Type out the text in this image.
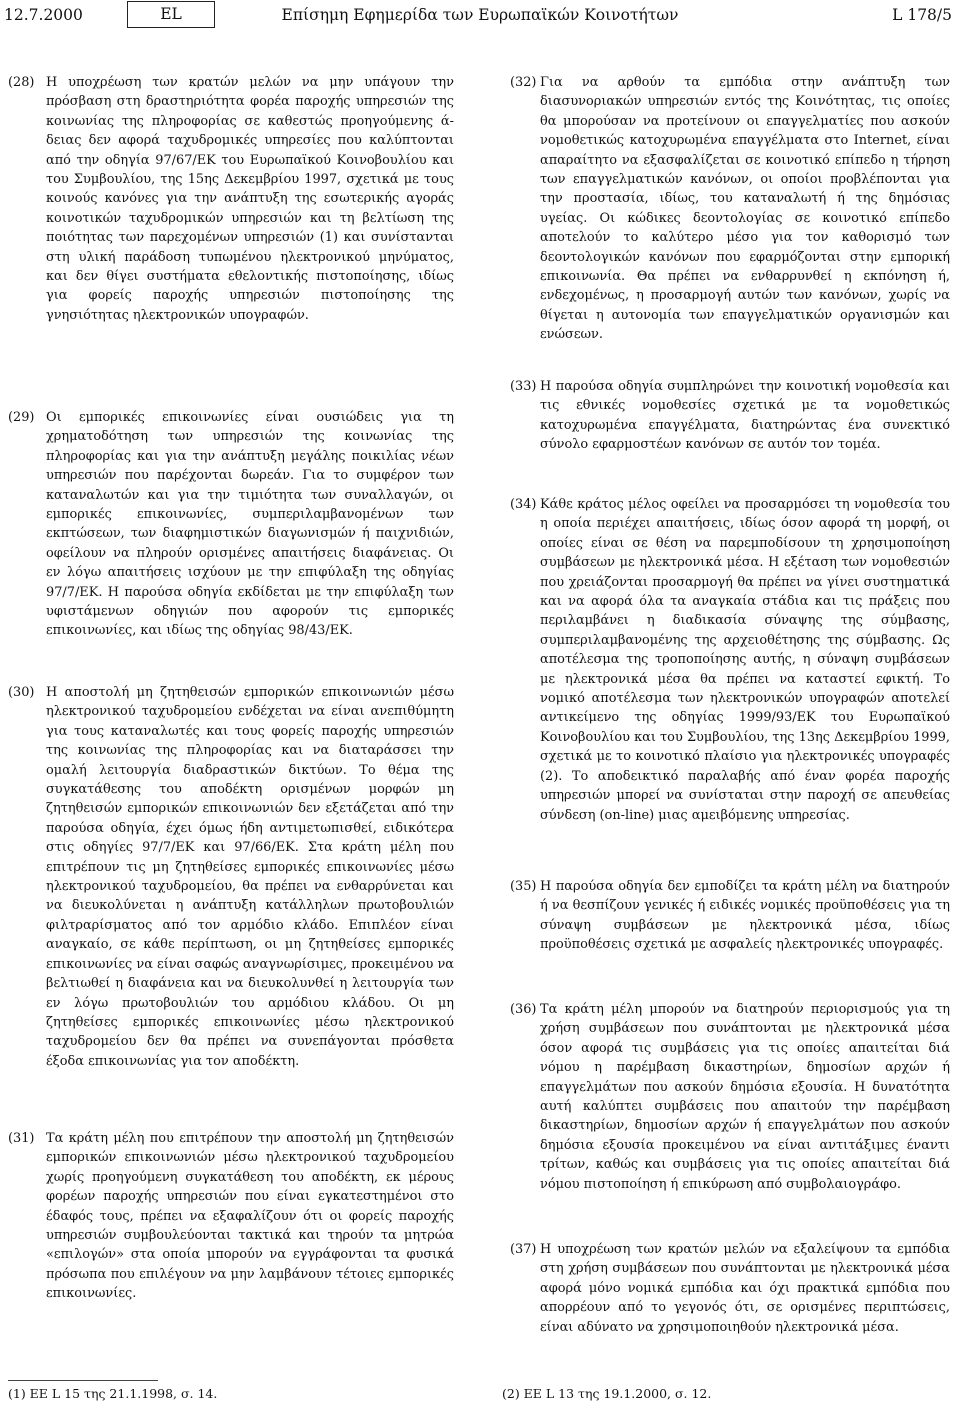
12.7.2000	EL	Επίσημη Εφημερίδα των Ευρωπαϊκών Κοινοτήτων	L 178/5
(28) Η υποχρέωση των κρατών μελών να μην υπάγουν την πρόσβαση στη δραστηριότητα φορέα παροχής υπηρεσιών της κοινωνίας της πληροφορίας σε καθεστώς προηγούμενης ά-δειας δεν αφορά ταχυδρομικές υπηρεσίες που καλύπτονται από την οδηγία 97/67/ΕΚ του Ευρωπαϊκού Κοινοβουλίου και του Συμβουλίου, της 15ης Δεκεμβρίου 1997, σχετικά με τους κοινούς κανόνες για την ανάπτυξη της εσωτερικής αγοράς κοινοτικών ταχυδρομικών υπηρεσιών και τη βελτίωση της ποιότητας των παρεχομένων υπηρεσιών (1) και συνίστανται στη υλική παράδοση τυπωμένου ηλεκτρονικού μηνύματος, και δεν θίγει συστήματα εθελοντικής πιστοποίησης, ιδίως για φορείς παροχής υπηρεσιών πιστοποίησης της γνησιότητας ηλεκτρονικών υπογραφών.
(29) Οι εμπορικές επικοινωνίες είναι ουσιώδεις για τη χρηματοδότηση των υπηρεσιών της κοινωνίας της πληροφορίας και για την ανάπτυξη μεγάλης ποικιλίας νέων υπηρεσιών που παρέχονται δωρεάν. Για το συμφέρον των καταναλωτών και για την τιμιότητα των συναλλαγών, οι εμπορικές επικοινωνίες, συμπεριλαμβανομένων των εκπτώσεων, των διαφημιστικών διαγωνισμών ή παιχνιδιών, οφείλουν να πληρούν ορισμένες απαιτήσεις διαφάνειας. Οι εν λόγω απαιτήσεις ισχύουν με την επιφύλαξη της οδηγίας 97/7/ΕΚ. Η παρούσα οδηγία εκδίδεται με την επιφύλαξη των υφιστάμενων οδηγιών που αφορούν τις εμπορικές επικοινωνίες, και ιδίως της οδηγίας 98/43/ΕΚ.
(30) Η αποστολή μη ζητηθεισών εμπορικών επικοινωνιών μέσω ηλεκτρονικού ταχυδρομείου ενδέχεται να είναι ανεπιθύμητη για τους καταναλωτές και τους φορείς παροχής υπηρεσιών της κοινωνίας της πληροφορίας και να διαταράσσει την ομαλή λειτουργία διαδραστικών δικτύων. Το θέμα της συγκατάθεσης του αποδέκτη ορισμένων μορφών μη ζητηθεισών εμπορικών επικοινωνιών δεν εξετάζεται από την παρούσα οδηγία, έχει όμως ήδη αντιμετωπισθεί, ειδικότερα στις οδηγίες 97/7/ΕΚ και 97/66/ΕΚ. Στα κράτη μέλη που επιτρέπουν τις μη ζητηθείσες εμπορικές επικοινωνίες μέσω ηλεκτρονικού ταχυδρομείου, θα πρέπει να ενθαρρύνεται και να διευκολύνεται η ανάπτυξη κατάλληλων πρωτοβουλιών φιλτραρίσματος από τον αρμόδιο κλάδο. Επιπλέον είναι αναγκαίο, σε κάθε περίπτωση, οι μη ζητηθείσες εμπορικές επικοινωνίες να είναι σαφώς αναγνωρίσιμες, προκειμένου να βελτιωθεί η διαφάνεια και να διευκολυνθεί η λειτουργία των εν λόγω πρωτοβουλιών του αρμόδιου κλάδου. Οι μη ζητηθείσες εμπορικές επικοινωνίες μέσω ηλεκτρονικού ταχυδρομείου δεν θα πρέπει να συνεπάγονται πρόσθετα έξοδα επικοινωνίας για τον αποδέκτη.
(31) Τα κράτη μέλη που επιτρέπουν την αποστολή μη ζητηθεισών εμπορικών επικοινωνιών μέσω ηλεκτρονικού ταχυδρομείου χωρίς προηγούμενη συγκατάθεση του αποδέκτη, εκ μέρους φορέων παροχής υπηρεσιών που είναι εγκατεστημένοι στο έδαφός τους, πρέπει να εξαφαλίζουν ότι οι φορείς παροχής υπηρεσιών συμβουλεύονται τακτικά και τηρούν τα μητρώα «επιλογών» στα οποία μπορούν να εγγράφονται τα φυσικά πρόσωπα που επιλέγουν να μην λαμβάνουν τέτοιες εμπορικές επικοινωνίες.
(32) Για να αρθούν τα εμπόδια στην ανάπτυξη των διασυνοριακών υπηρεσιών εντός της Κοινότητας, τις οποίες θα μπορούσαν να προτείνουν οι επαγγελματίες που ασκούν νομοθετικώς κατοχυρωμένα επαγγέλματα στο Internet, είναι απαραίτητο να εξασφαλίζεται σε κοινοτικό επίπεδο η τήρηση των επαγγελματικών κανόνων, οι οποίοι προβλέπονται για την προστασία, ιδίως, του καταναλωτή ή της δημόσιας υγείας. Οι κώδικες δεοντολογίας σε κοινοτικό επίπεδο αποτελούν το καλύτερο μέσο για τον καθορισμό των δεοντολογικών κανόνων που εφαρμόζονται στην εμπορική επικοινωνία. Θα πρέπει να ενθαρρυνθεί η εκπόνηση ή, ενδεχομένως, η προσαρμογή αυτών των κανόνων, χωρίς να θίγεται η αυτονομία των επαγγελματικών οργανισμών και ενώσεων.
(33) Η παρούσα οδηγία συμπληρώνει την κοινοτική νομοθεσία και τις εθνικές νομοθεσίες σχετικά με τα νομοθετικώς κατοχυρωμένα επαγγέλματα, διατηρώντας ένα συνεκτικό σύνολο εφαρμοστέων κανόνων σε αυτόν τον τομέα.
(34) Κάθε κράτος μέλος οφείλει να προσαρμόσει τη νομοθεσία του η οποία περιέχει απαιτήσεις, ιδίως όσον αφορά τη μορφή, οι οποίες είναι σε θέση να παρεμποδίσουν τη χρησιμοποίηση συμβάσεων με ηλεκτρονικά μέσα. Η εξέταση των νομοθεσιών που χρειάζονται προσαρμογή θα πρέπει να γίνει συστηματικά και να αφορά όλα τα αναγκαία στάδια και τις πράξεις που περιλαμβάνει η διαδικασία σύναψης της σύμβασης, συμπεριλαμβανομένης της αρχειοθέτησης της σύμβασης. Ως αποτέλεσμα της τροποποίησης αυτής, η σύναψη συμβάσεων με ηλεκτρονικά μέσα θα πρέπει να καταστεί εφικτή. Το νομικό αποτέλεσμα των ηλεκτρονικών υπογραφών αποτελεί αντικείμενο της οδηγίας 1999/93/ΕΚ του Ευρωπαϊκού Κοινοβουλίου και του Συμβουλίου, της 13ης Δεκεμβρίου 1999, σχετικά με το κοινοτικό πλαίσιο για ηλεκτρονικές υπογραφές (2). Το αποδεικτικό παραλαβής από έναν φορέα παροχής υπηρεσιών μπορεί να συνίσταται στην παροχή σε απευθείας σύνδεση (on-line) μιας αμειβόμενης υπηρεσίας.
(35) Η παρούσα οδηγία δεν εμποδίζει τα κράτη μέλη να διατηρούν ή να θεσπίζουν γενικές ή ειδικές νομικές προϋποθέσεις για τη σύναψη συμβάσεων με ηλεκτρονικά μέσα, ιδίως προϋποθέσεις σχετικά με ασφαλείς ηλεκτρονικές υπογραφές.
(36) Τα κράτη μέλη μπορούν να διατηρούν περιορισμούς για τη χρήση συμβάσεων που συνάπτονται με ηλεκτρονικά μέσα όσον αφορά τις συμβάσεις για τις οποίες απαιτείται διά νόμου η παρέμβαση δικαστηρίων, δημοσίων αρχών ή επαγγελμάτων που ασκούν δημόσια εξουσία. Η δυνατότητα αυτή καλύπτει συμβάσεις που απαιτούν την παρέμβαση δικαστηρίων, δημοσίων αρχών ή επαγγελμάτων που ασκούν δημόσια εξουσία προκειμένου να είναι αντιτάξιμες έναντι τρίτων, καθώς και συμβάσεις για τις οποίες απαιτείται διά νόμου πιστοποίηση ή επικύρωση από συμβολαιογράφο.
(37) Η υποχρέωση των κρατών μελών να εξαλείψουν τα εμπόδια στη χρήση συμβάσεων που συνάπτονται με ηλεκτρονικά μέσα αφορά μόνο νομικά εμπόδια και όχι πρακτικά εμπόδια που απορρέουν από το γεγονός ότι, σε ορισμένες περιπτώσεις, είναι αδύνατο να χρησιμοποιηθούν ηλεκτρονικά μέσα.
(1) ΕΕ L 15 της 21.1.1998, σ. 14.	(2) ΕΕ L 13 της 19.1.2000, σ. 12.
